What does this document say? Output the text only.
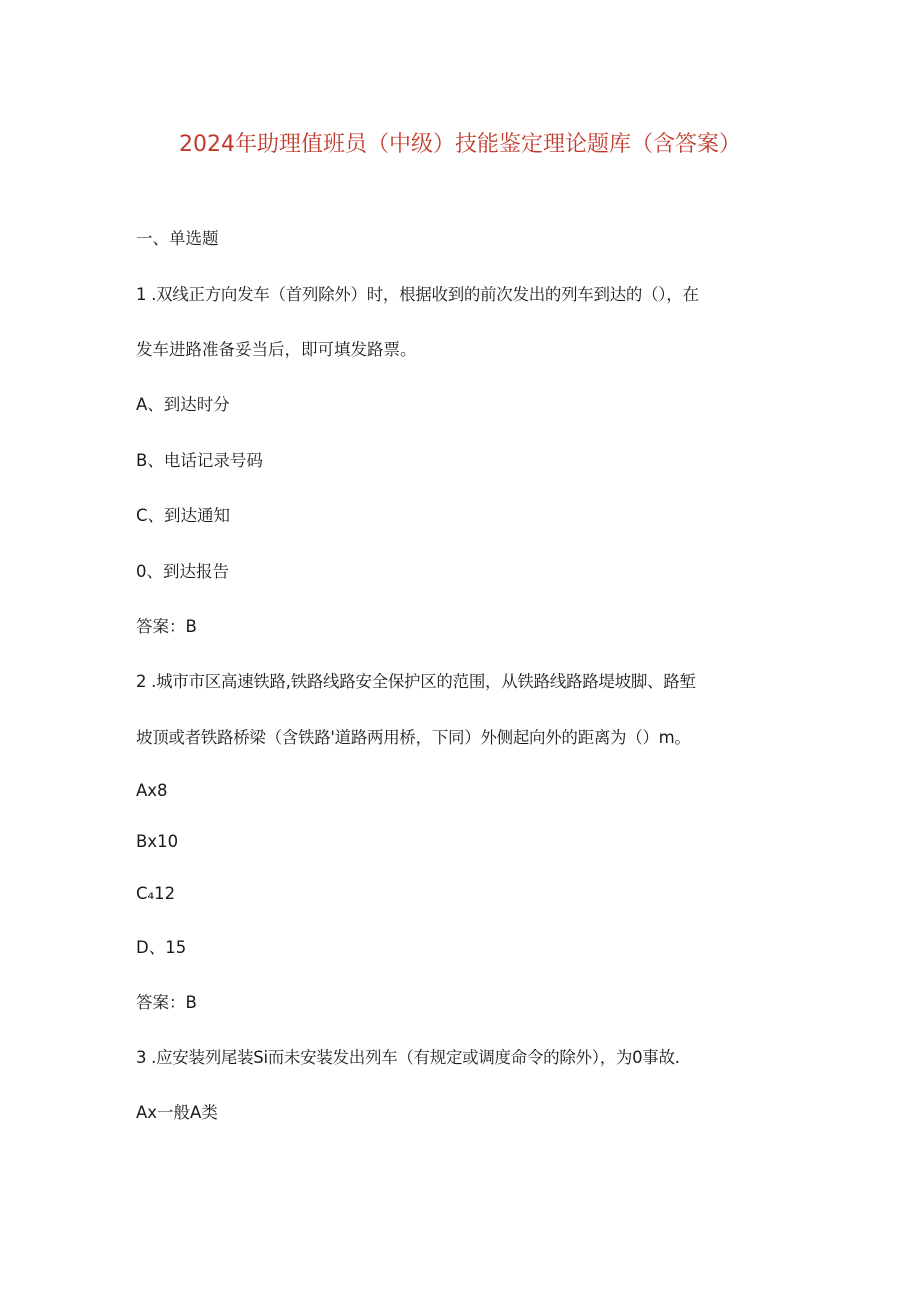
2024年助理值班员（中级）技能鉴定理论题库（含答案）
一、单选题
1 .双线正方向发车（首列除外）时，根据收到的前次发出的列车到达的（），在
发车进路准备妥当后，即可填发路票。
A、到达时分
B、电话记录号码
C、到达通知
0、到达报告
答案：B
2 .城市市区高速铁路,铁路线路安全保护区的范围，从铁路线路路堤坡脚、路堑
坡顶或者铁路桥梁（含铁路'道路两用桥，下同）外侧起向外的距离为（）m。
Ax8
Bx10
C₄12
D、15
答案：B
3 .应安装列尾装Si而未安装发出列车（有规定或调度命令的除外），为0事故.
Ax一般A类
